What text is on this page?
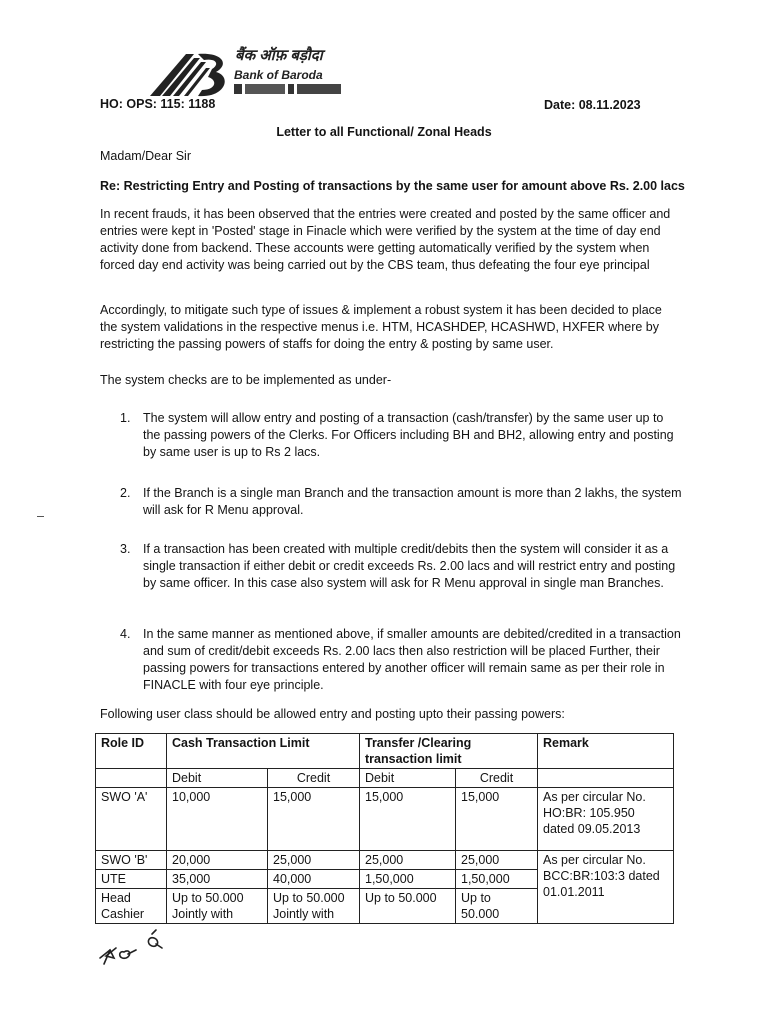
बैंक ऑफ़ बड़ौदा
Bank of Baroda
HO: OPS: 115: 1188	Date: 08.11.2023
Letter to all Functional/ Zonal Heads
Madam/Dear Sir
Re: Restricting Entry and Posting of transactions by the same user for amount above Rs. 2.00 lacs
In recent frauds, it has been observed that the entries were created and posted by the same officer and entries were kept in 'Posted' stage in Finacle which were verified by the system at the time of day end activity done from backend. These accounts were getting automatically verified by the system when forced day end activity was being carried out by the CBS team, thus defeating the four eye principal
Accordingly, to mitigate such type of issues & implement a robust system it has been decided to place the system validations in the respective menus i.e. HTM, HCASHDEP, HCASHWD, HXFER where by restricting the passing powers of staffs for doing the entry & posting by same user.
The system checks are to be implemented as under-
1. The system will allow entry and posting of a transaction (cash/transfer) by the same user up to the passing powers of the Clerks. For Officers including BH and BH2, allowing entry and posting by same user is up to Rs 2 lacs.
2. If the Branch is a single man Branch and the transaction amount is more than 2 lakhs, the system will ask for R Menu approval.
3. If a transaction has been created with multiple credit/debits then the system will consider it as a single transaction if either debit or credit exceeds Rs. 2.00 lacs and will restrict entry and posting by same officer. In this case also system will ask for R Menu approval in single man Branches.
4. In the same manner as mentioned above, if smaller amounts are debited/credited in a transaction and sum of credit/debit exceeds Rs. 2.00 lacs then also restriction will be placed Further, their passing powers for transactions entered by another officer will remain same as per their role in FINACLE with four eye principle.
Following user class should be allowed entry and posting upto their passing powers:
Role ID	Cash Transaction Limit		Transfer /Clearing transaction limit		Remark
	Debit	Credit	Debit	Credit	
SWO 'A'	10,000	15,000	15,000	15,000	As per circular No. HO:BR: 105.950 dated 09.05.2013
SWO 'B'	20,000	25,000	25,000	25,000	As per circular No. BCC:BR:103:3 dated 01.01.2011
UTE	35,000	40,000	1,50,000	1,50,000	
Head Cashier	Up to 50.000 Jointly with	Up to 50.000 Jointly with	Up to 50.000	Up to 50.000	
